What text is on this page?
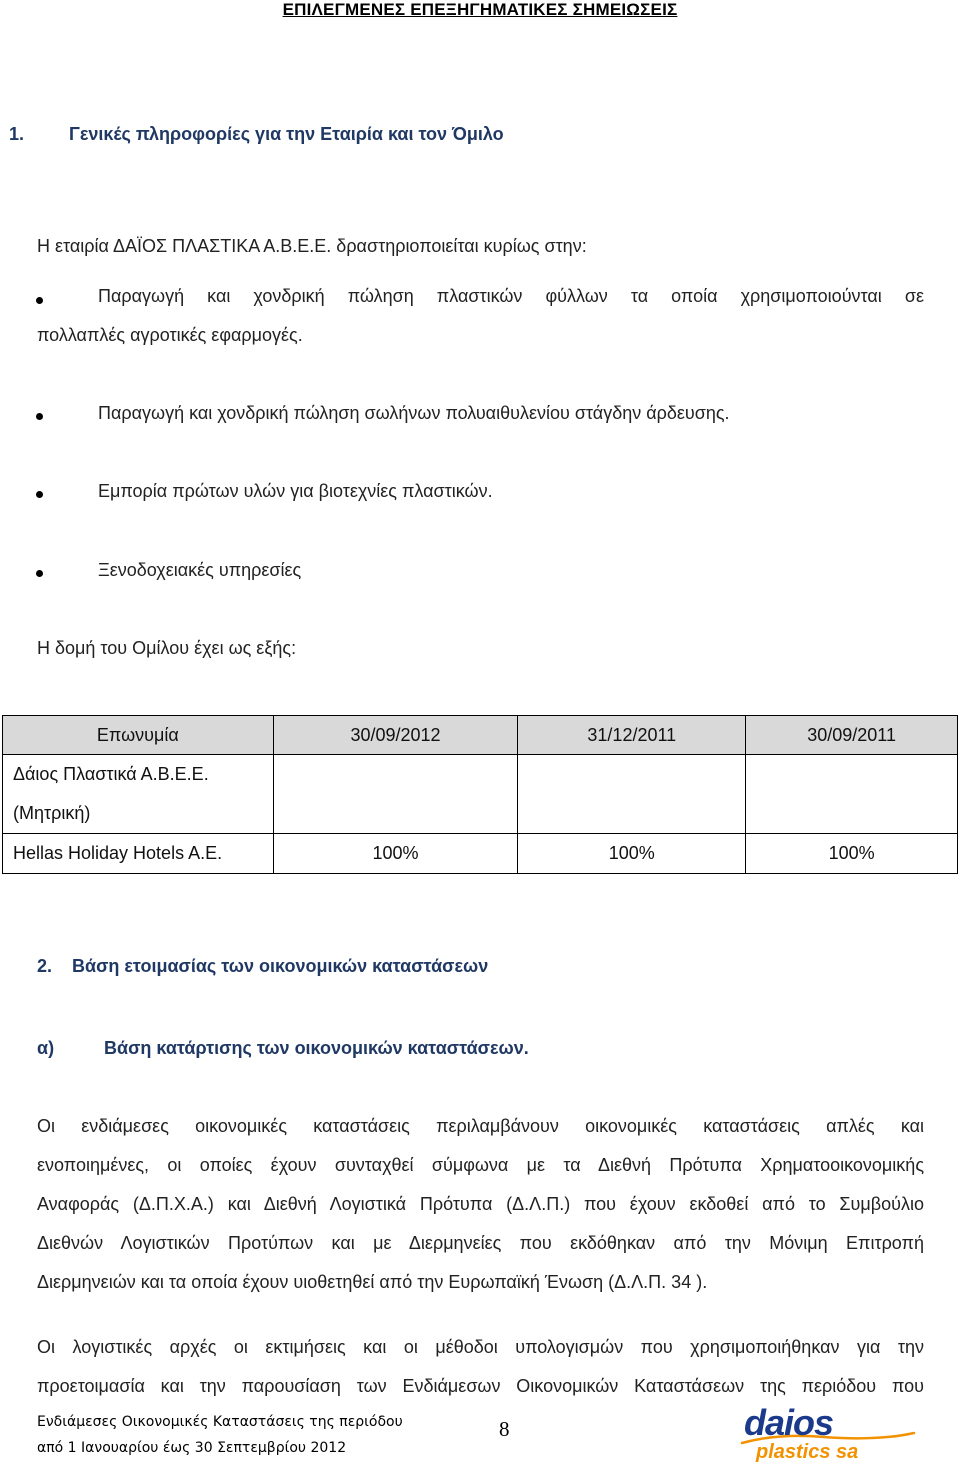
ΕΠΙΛΕΓΜΕΝΕΣ ΕΠΕΞΗΓΗΜΑΤΙΚΕΣ ΣΗΜΕΙΩΣΕΙΣ
1. Γενικές πληροφορίες για την Εταιρία και τον Όμιλο
Η εταιρία ΔΑΪΟΣ ΠΛΑΣΤΙΚΑ Α.Β.Ε.Ε. δραστηριοποιείται κυρίως στην:
Παραγωγή και χονδρική πώληση πλαστικών φύλλων τα οποία χρησιμοποιούνται σε
πολλαπλές αγροτικές εφαρμογές.
Παραγωγή και χονδρική πώληση σωλήνων πολυαιθυλενίου στάγδην άρδευσης.
Εμπορία πρώτων υλών για βιοτεχνίες πλαστικών.
Ξενοδοχειακές υπηρεσίες
Η δομή του Ομίλου έχει ως εξής:
Επωνυμία	30/09/2012	31/12/2011	30/09/2011
Δάιος Πλαστικά Α.Β.Ε.Ε.			
(Μητρική)			
Hellas Holiday Hotels A.E.	100%	100%	100%
2. Βάση ετοιμασίας των οικονομικών καταστάσεων
α)	Βάση κατάρτισης των οικονομικών καταστάσεων.
Οι ενδιάμεσες οικονομικές καταστάσεις περιλαμβάνουν οικονομικές καταστάσεις απλές και
ενοποιημένες, οι οποίες έχουν συνταχθεί σύμφωνα με τα Διεθνή Πρότυπα Χρηματοοικονομικής
Αναφοράς (Δ.Π.Χ.Α.) και Διεθνή Λογιστικά Πρότυπα (Δ.Λ.Π.) που έχουν εκδοθεί από το Συμβούλιο
Διεθνών Λογιστικών Προτύπων και με Διερμηνείες που εκδόθηκαν από την Μόνιμη Επιτροπή
Διερμηνειών και τα οποία έχουν υιοθετηθεί από την Ευρωπαϊκή Ένωση (Δ.Λ.Π. 34 ).
Οι λογιστικές αρχές οι εκτιμήσεις και οι μέθοδοι υπολογισμών που χρησιμοποιήθηκαν για την
προετοιμασία και την παρουσίαση των Ενδιάμεσων Οικονομικών Καταστάσεων της περιόδου που
Ενδιάμεσες Οικονομικές Καταστάσεις της περιόδου
από 1 Ιανουαρίου έως 30 Σεπτεμβρίου 2012
8	daios
plastics sa
